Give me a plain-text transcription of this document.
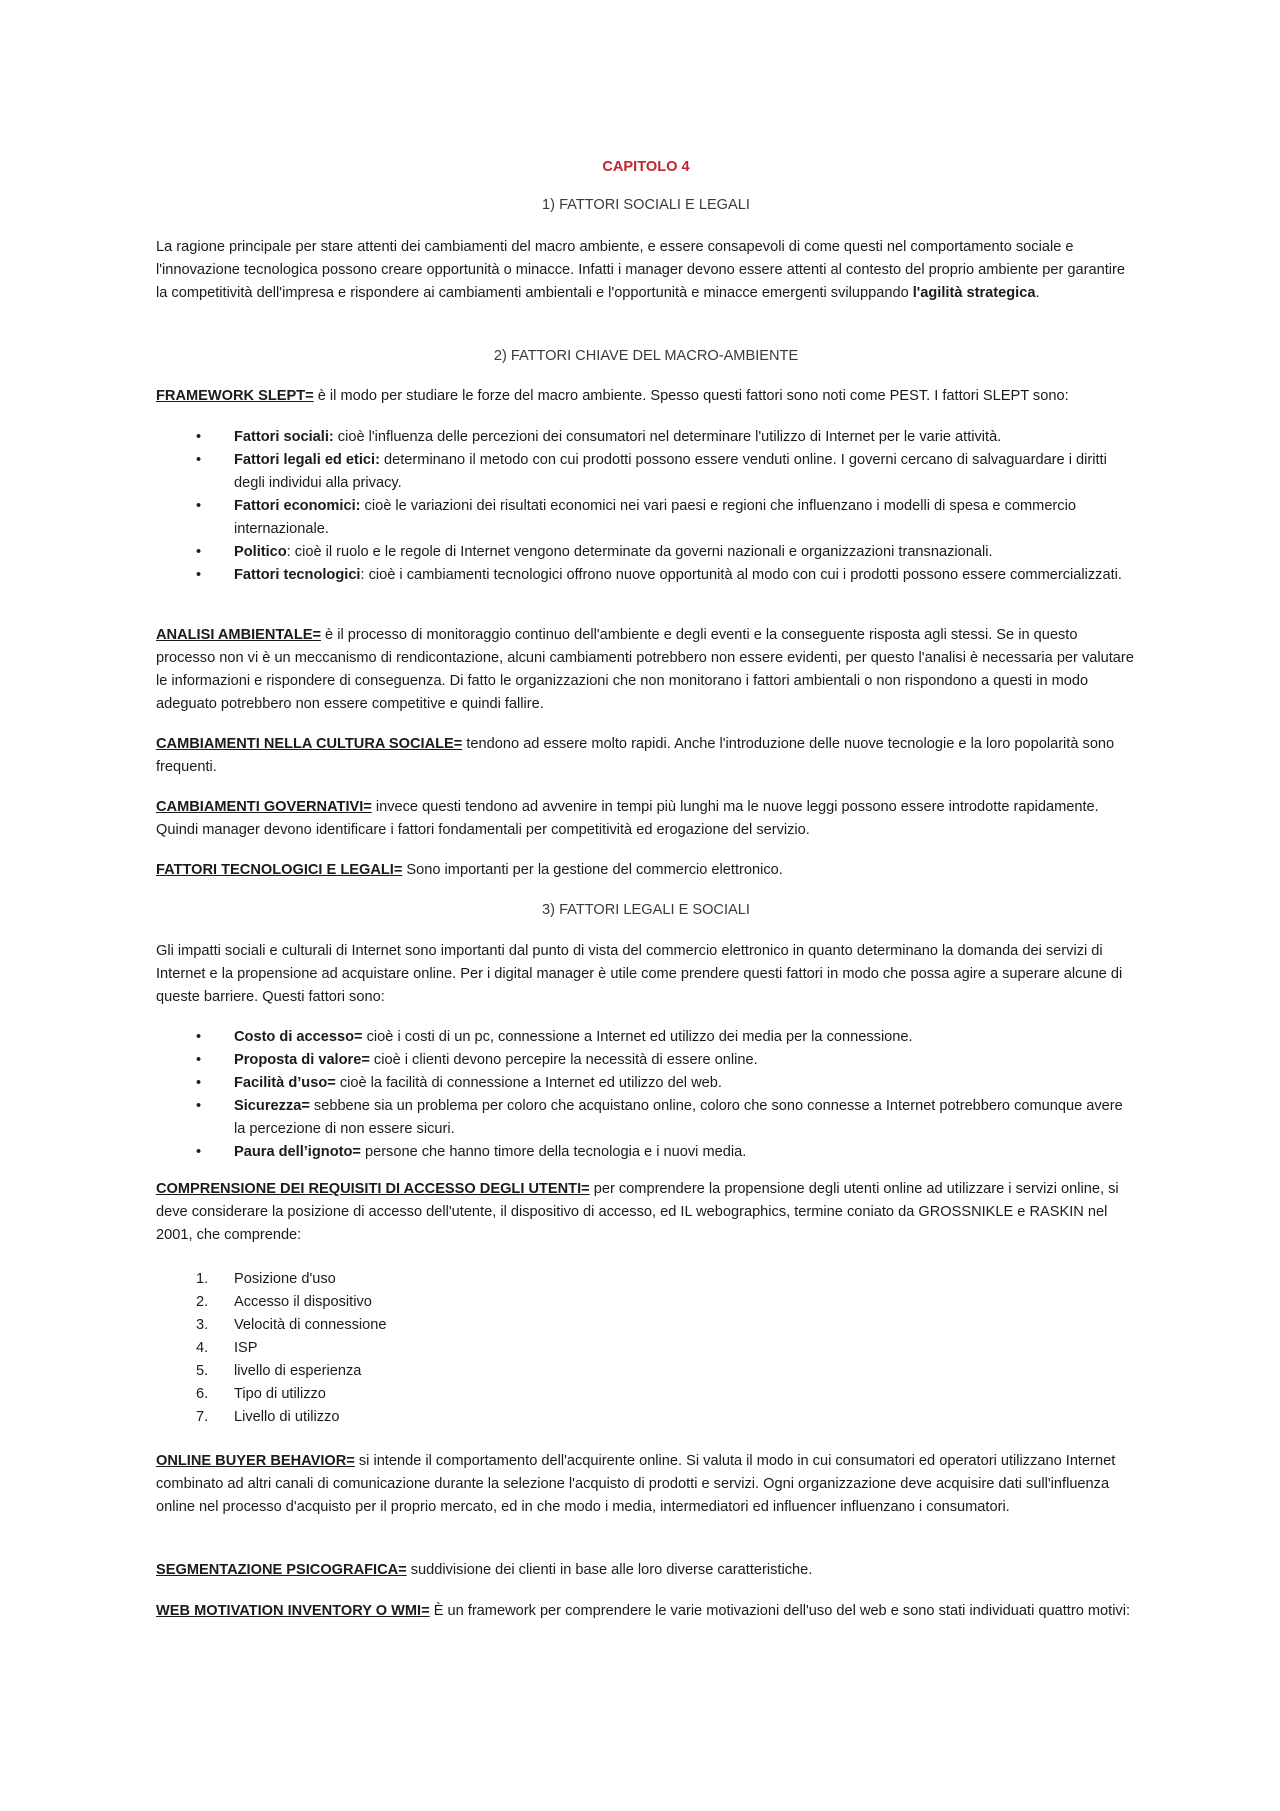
CAPITOLO 4
1) FATTORI SOCIALI E LEGALI

La ragione principale per stare attenti dei cambiamenti del macro ambiente, e essere consapevoli di come questi nel comportamento sociale e l'innovazione tecnologica possono creare opportunità o minacce. Infatti i manager devono essere attenti al contesto del proprio ambiente per garantire la competitività dell'impresa e rispondere ai cambiamenti ambientali e l'opportunità e minacce emergenti sviluppando l'agilità strategica.

2) FATTORI CHIAVE DEL MACRO-AMBIENTE

FRAMEWORK SLEPT= è il modo per studiare le forze del macro ambiente. Spesso questi fattori sono noti come PEST. I fattori SLEPT sono:

• Fattori sociali: cioè l'influenza delle percezioni dei consumatori nel determinare l'utilizzo di Internet per le varie attività.
• Fattori legali ed etici: determinano il metodo con cui prodotti possono essere venduti online. I governi cercano di salvaguardare i diritti degli individui alla privacy.
• Fattori economici: cioè le variazioni dei risultati economici nei vari paesi e regioni che influenzano i modelli di spesa e commercio internazionale.
• Politico: cioè il ruolo e le regole di Internet vengono determinate da governi nazionali e organizzazioni transnazionali.
• Fattori tecnologici: cioè i cambiamenti tecnologici offrono nuove opportunità al modo con cui i prodotti possono essere commercializzati.

ANALISI AMBIENTALE= è il processo di monitoraggio continuo dell'ambiente e degli eventi e la conseguente risposta agli stessi. Se in questo processo non vi è un meccanismo di rendicontazione, alcuni cambiamenti potrebbero non essere evidenti, per questo l'analisi è necessaria per valutare le informazioni e rispondere di conseguenza. Di fatto le organizzazioni che non monitorano i fattori ambientali o non rispondono a questi in modo adeguato potrebbero non essere competitive e quindi fallire.

CAMBIAMENTI NELLA CULTURA SOCIALE= tendono ad essere molto rapidi. Anche l'introduzione delle nuove tecnologie e la loro popolarità sono frequenti.

CAMBIAMENTI GOVERNATIVI= invece questi tendono ad avvenire in tempi più lunghi ma le nuove leggi possono essere introdotte rapidamente. Quindi manager devono identificare i fattori fondamentali per competitività ed erogazione del servizio.

FATTORI TECNOLOGICI E LEGALI= Sono importanti per la gestione del commercio elettronico.

3) FATTORI LEGALI E SOCIALI

Gli impatti sociali e culturali di Internet sono importanti dal punto di vista del commercio elettronico in quanto determinano la domanda dei servizi di Internet e la propensione ad acquistare online. Per i digital manager è utile come prendere questi fattori in modo che possa agire a superare alcune di queste barriere. Questi fattori sono:

• Costo di accesso= cioè i costi di un pc, connessione a Internet ed utilizzo dei media per la connessione.
• Proposta di valore= cioè i clienti devono percepire la necessità di essere online.
• Facilità d’uso= cioè la facilità di connessione a Internet ed utilizzo del web.
• Sicurezza= sebbene sia un problema per coloro che acquistano online, coloro che sono connesse a Internet potrebbero comunque avere la percezione di non essere sicuri.
• Paura dell’ignoto= persone che hanno timore della tecnologia e i nuovi media.

COMPRENSIONE DEI REQUISITI DI ACCESSO DEGLI UTENTI= per comprendere la propensione degli utenti online ad utilizzare i servizi online, si deve considerare la posizione di accesso dell'utente, il dispositivo di accesso, ed IL webographics, termine coniato da GROSSNIKLE e RASKIN nel 2001, che comprende:

1. Posizione d'uso
2. Accesso il dispositivo
3. Velocità di connessione
4. ISP
5. livello di esperienza
6. Tipo di utilizzo
7. Livello di utilizzo

ONLINE BUYER BEHAVIOR= si intende il comportamento dell'acquirente online. Si valuta il modo in cui consumatori ed operatori utilizzano Internet combinato ad altri canali di comunicazione durante la selezione l'acquisto di prodotti e servizi. Ogni organizzazione deve acquisire dati sull'influenza online nel processo d'acquisto per il proprio mercato, ed in che modo i media, intermediatori ed influencer influenzano i consumatori.

SEGMENTAZIONE PSICOGRAFICA= suddivisione dei clienti in base alle loro diverse caratteristiche.

WEB MOTIVATION INVENTORY O WMI= È un framework per comprendere le varie motivazioni dell'uso del web e sono stati individuati quattro motivi:
